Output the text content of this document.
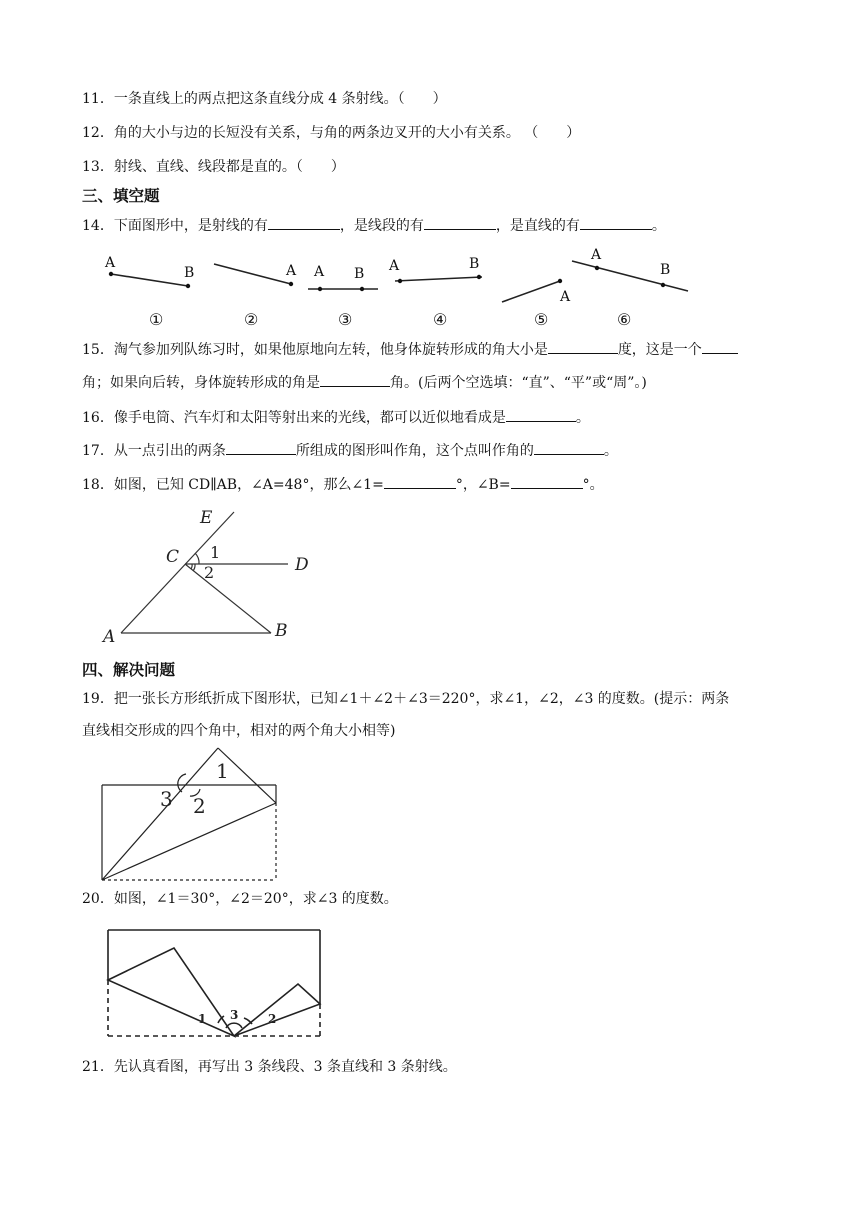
11．一条直线上的两点把这条直线分成 4 条射线。（　　）
12．角的大小与边的长短没有关系，与角的两条边叉开的大小有关系。 （　　）
13．射线、直线、线段都是直的。（　　）
三、填空题
14．下面图形中，是射线的有	，是线段的有	，是直线的有	。
A
B	A A B A	B
A
A
B
①	②	③	④	⑤	⑥
15．淘气参加列队练习时，如果他原地向左转，他身体旋转形成的角大小是	度，这是一个
角；如果向后转，身体旋转形成的角是	角。(后两个空选填：“直”、“平”或“周”。)
16．像手电筒、汽车灯和太阳等射出来的光线，都可以近似地看成是	。
17．从一点引出的两条	所组成的图形叫作角，这个点叫作角的	。
18．如图，已知 CD∥AB，∠A=48°，那么∠1=	°，∠B=	°。
E
C	D
A	B
1
2
四、解决问题
19．把一张长方形纸折成下图形状，已知∠1＋∠2＋∠3＝220°，求∠1，∠2，∠3 的度数。(提示：两条
直线相交形成的四个角中，相对的两个角大小相等)
1
2
3
20．如图，∠1＝30°，∠2＝20°，求∠3 的度数。
1	2
3
21．先认真看图，再写出 3 条线段、3 条直线和 3 条射线。
